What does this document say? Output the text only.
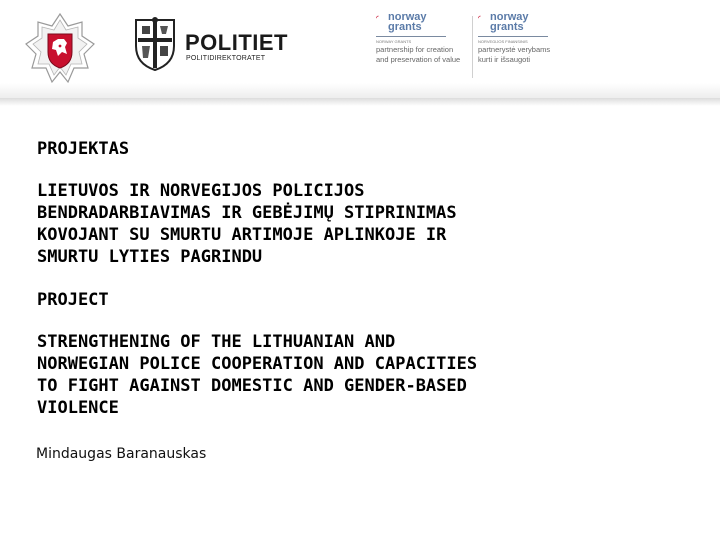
POLITIET
POLITIDIREKTORATET
norway
grants
NORWAY GRANTS
partnership for creation
and preservation of value
norway
grants
NORVEGIJOS FINANSINIS
partnerystė verybams
kurti ir išsaugoti
PROJEKTAS
LIETUVOS IR NORVEGIJOS POLICIJOS
BENDRADARBIAVIMAS IR GEBĖJIMŲ STIPRINIMAS
KOVOJANT SU SMURTU ARTIMOJE APLINKOJE IR
SMURTU LYTIES PAGRINDU
PROJECT
STRENGTHENING OF THE LITHUANIAN AND
NORWEGIAN POLICE COOPERATION AND CAPACITIES
TO FIGHT AGAINST DOMESTIC AND GENDER-BASED
VIOLENCE
Mindaugas Baranauskas
